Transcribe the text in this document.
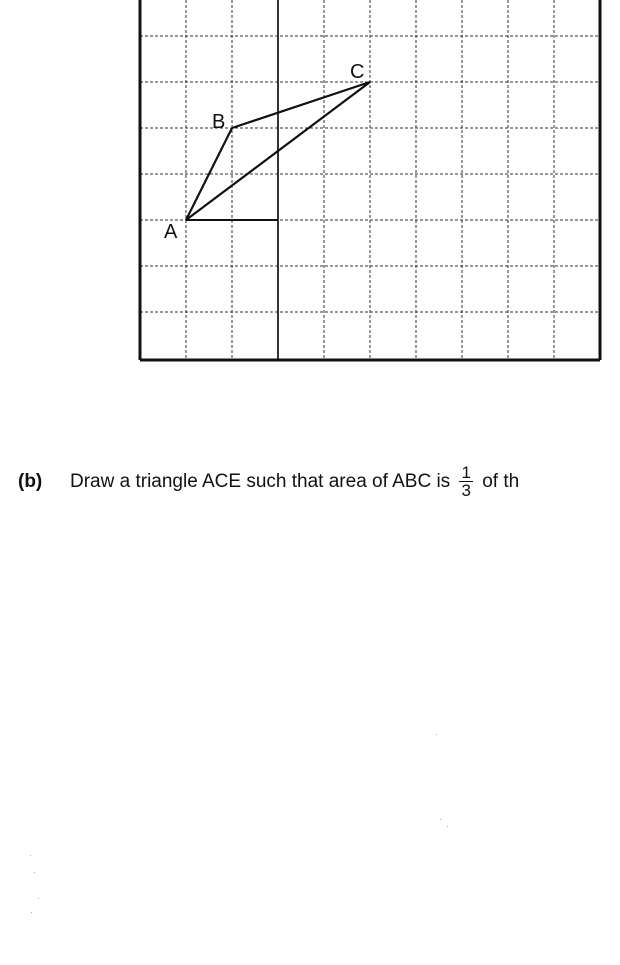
A
B
C
(b) Draw a triangle ACE such that area of ABC is $\frac{1}{3}$ of th
